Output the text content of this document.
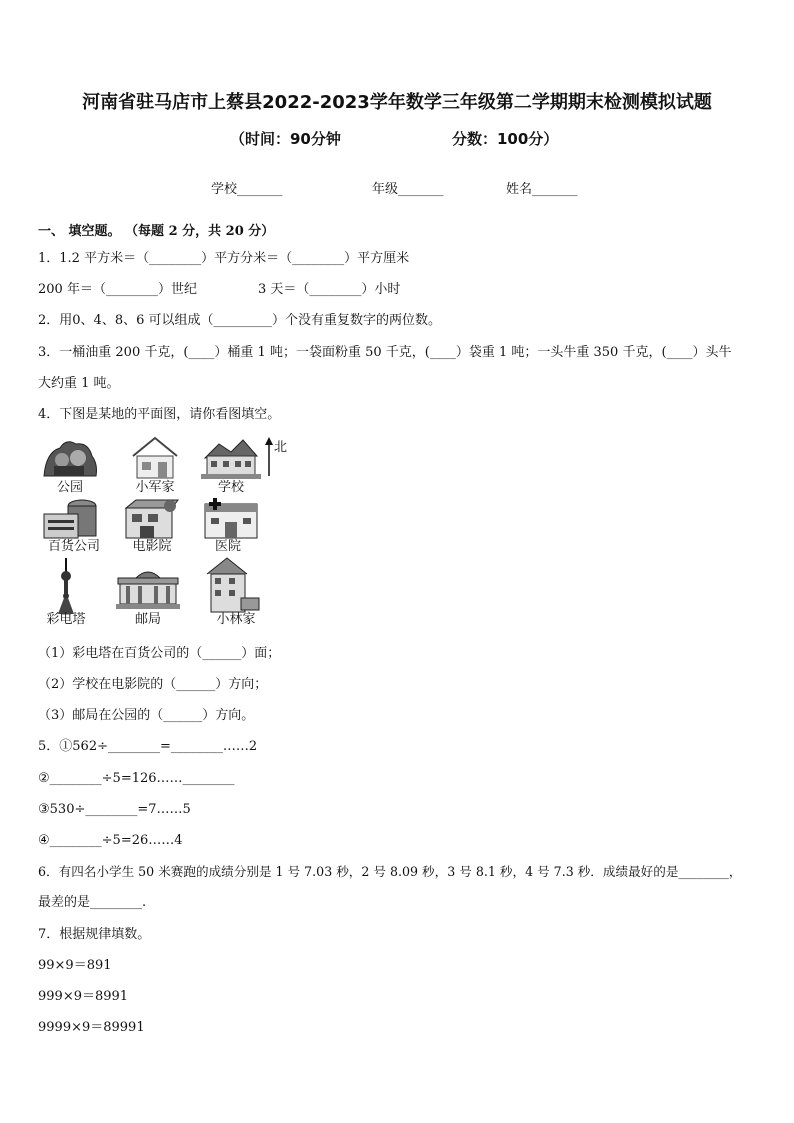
河南省驻马店市上蔡县2022-2023学年数学三年级第二学期期末检测模拟试题
（时间：90分钟	分数：100分）
学校_______	年级_______	姓名_______
一、 填空题。 （每题 2 分，共 20 分）
1．1.2 平方米＝（________）平方分米＝（________）平方厘米
200 年＝（________）世纪	3 天＝（________）小时
2．用0、4、8、6 可以组成（_________）个没有重复数字的两位数。
3．一桶油重 200 千克，(____）桶重 1 吨；一袋面粉重 50 千克，(____）袋重 1 吨；一头牛重 350 千克，(____）头牛
大约重 1 吨。
4．下图是某地的平面图，请你看图填空。
公园	小军家	学校
北
百货公司	电影院	医院
彩电塔	邮局	小林家
（1）彩电塔在百货公司的（______）面；
（2）学校在电影院的（______）方向；
（3）邮局在公园的（______）方向。
5．①562÷________=________……2
②________÷5=126……________
③530÷________=7……5
④________÷5=26……4
6．有四名小学生 50 米赛跑的成绩分别是 1 号 7.03 秒，2 号 8.09 秒，3 号 8.1 秒，4 号 7.3 秒．成绩最好的是________，
最差的是________.
7．根据规律填数。
99×9＝891
999×9＝8991
9999×9＝89991
